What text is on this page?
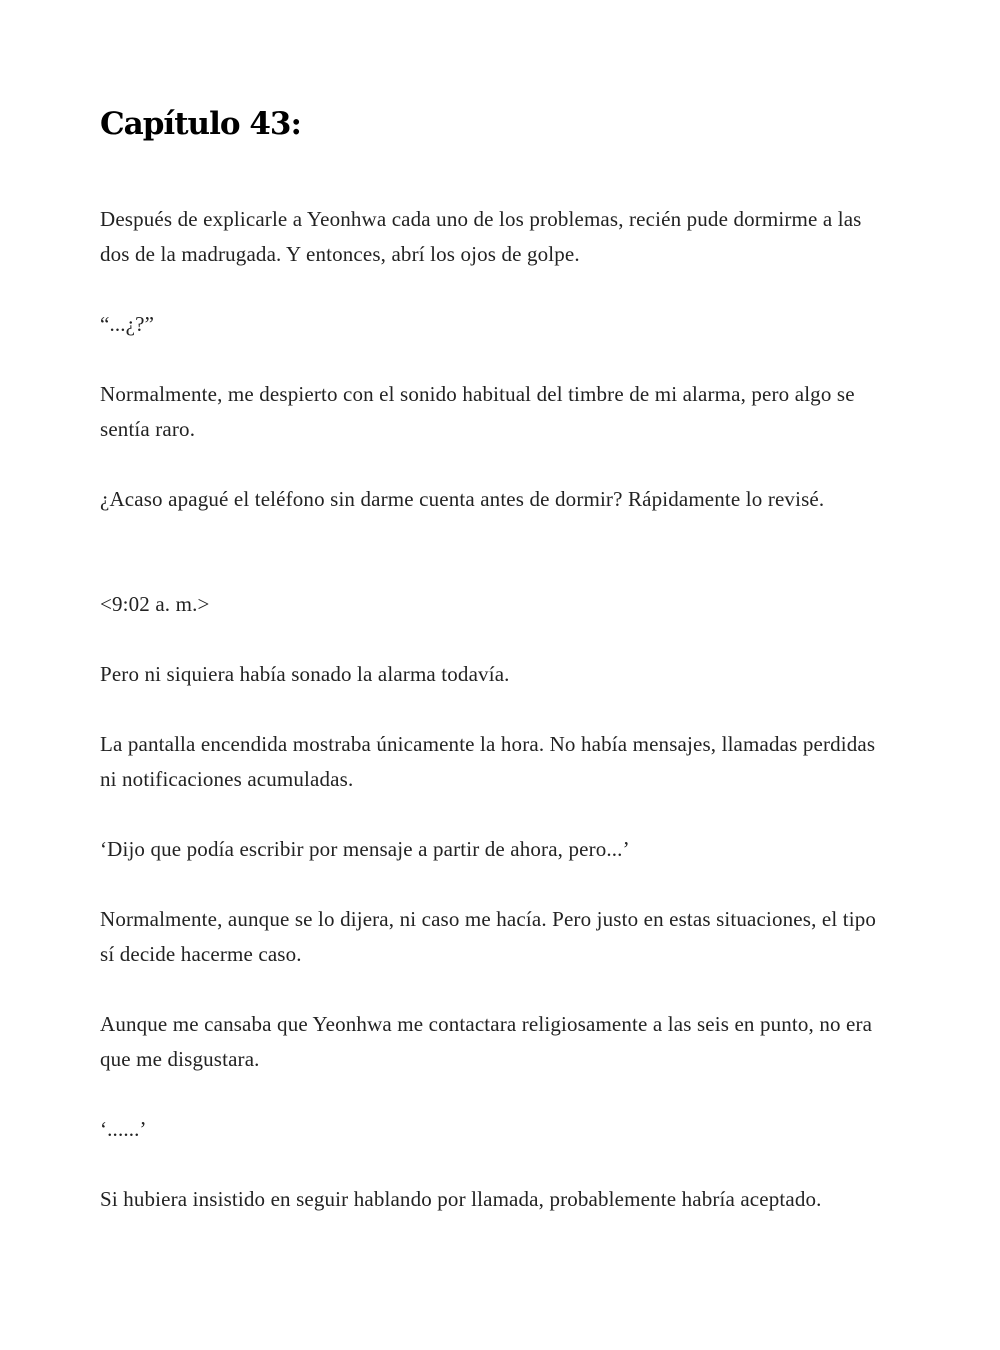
Capítulo 43:

Después de explicarle a Yeonhwa cada uno de los problemas, recién pude dormirme a las dos de la madrugada. Y entonces, abrí los ojos de golpe.

“...¿?”

Normalmente, me despierto con el sonido habitual del timbre de mi alarma, pero algo se sentía raro.

¿Acaso apagué el teléfono sin darme cuenta antes de dormir? Rápidamente lo revisé.

<9:02 a. m.>

Pero ni siquiera había sonado la alarma todavía.

La pantalla encendida mostraba únicamente la hora. No había mensajes, llamadas perdidas ni notificaciones acumuladas.

‘Dijo que podía escribir por mensaje a partir de ahora, pero...’

Normalmente, aunque se lo dijera, ni caso me hacía. Pero justo en estas situaciones, el tipo sí decide hacerme caso.

Aunque me cansaba que Yeonhwa me contactara religiosamente a las seis en punto, no era que me disgustara.

‘......’

Si hubiera insistido en seguir hablando por llamada, probablemente habría aceptado.
